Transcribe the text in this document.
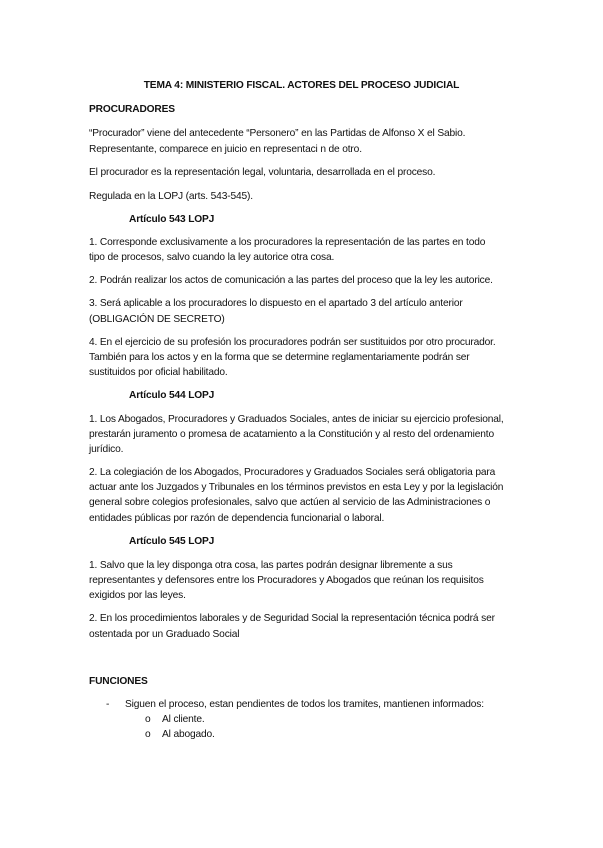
TEMA 4: MINISTERIO FISCAL. ACTORES DEL PROCESO JUDICIAL
PROCURADORES
“Procurador” viene del antecedente “Personero” en las Partidas de Alfonso X el Sabio.
Representante, comparece en juicio en representaci n de otro.
El procurador es la representación legal, voluntaria, desarrollada en el proceso.
Regulada en la LOPJ (arts. 543-545).
Artículo 543 LOPJ
1. Corresponde exclusivamente a los procuradores la representación de las partes en todo
tipo de procesos, salvo cuando la ley autorice otra cosa.
2. Podrán realizar los actos de comunicación a las partes del proceso que la ley les autorice.
3. Será aplicable a los procuradores lo dispuesto en el apartado 3 del artículo anterior
(OBLIGACIÓN DE SECRETO)
4. En el ejercicio de su profesión los procuradores podrán ser sustituidos por otro procurador.
También para los actos y en la forma que se determine reglamentariamente podrán ser
sustituidos por oficial habilitado.
Artículo 544 LOPJ
1. Los Abogados, Procuradores y Graduados Sociales, antes de iniciar su ejercicio profesional,
prestarán juramento o promesa de acatamiento a la Constitución y al resto del ordenamiento
jurídico.
2. La colegiación de los Abogados, Procuradores y Graduados Sociales será obligatoria para
actuar ante los Juzgados y Tribunales en los términos previstos en esta Ley y por la legislación
general sobre colegios profesionales, salvo que actúen al servicio de las Administraciones o
entidades públicas por razón de dependencia funcionarial o laboral.
Artículo 545 LOPJ
1. Salvo que la ley disponga otra cosa, las partes podrán designar libremente a sus
representantes y defensores entre los Procuradores y Abogados que reúnan los requisitos
exigidos por las leyes.
2. En los procedimientos laborales y de Seguridad Social la representación técnica podrá ser
ostentada por un Graduado Social
FUNCIONES
- Siguen el proceso, estan pendientes de todos los tramites, mantienen informados:
o Al cliente.
o Al abogado.
